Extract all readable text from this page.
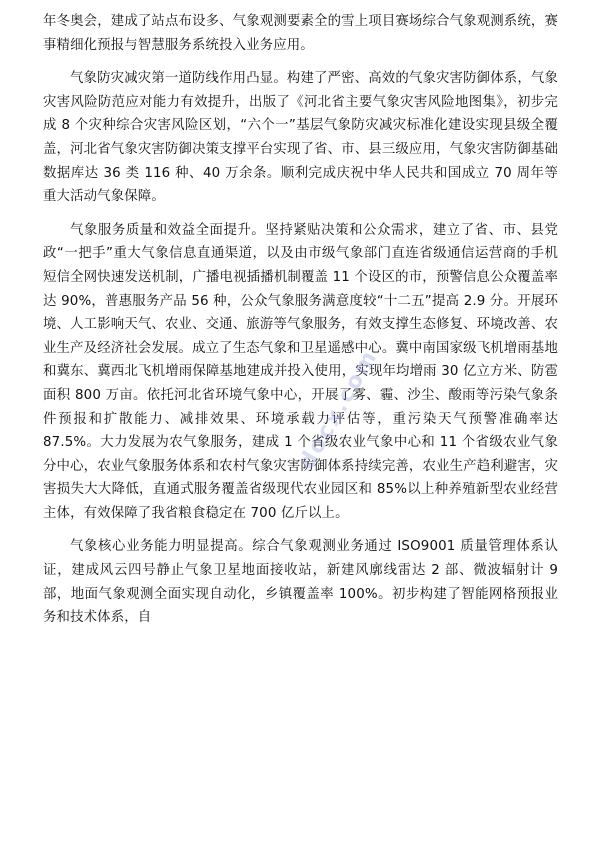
年冬奥会，建成了站点布设多、气象观测要素全的雪上项目赛场综合气象观测系统，赛事精细化预报与智慧服务系统投入业务应用。

气象防灾减灾第一道防线作用凸显。构建了严密、高效的气象灾害防御体系，气象灾害风险防范应对能力有效提升，出版了《河北省主要气象灾害风险地图集》，初步完成 8 个灾种综合灾害风险区划，“六个一”基层气象防灾减灾标准化建设实现县级全覆盖，河北省气象灾害防御决策支撑平台实现了省、市、县三级应用，气象灾害防御基础数据库达 36 类 116 种、40 万余条。顺利完成庆祝中华人民共和国成立 70 周年等重大活动气象保障。

气象服务质量和效益全面提升。坚持紧贴决策和公众需求，建立了省、市、县党政“一把手”重大气象信息直通渠道，以及由市级气象部门直连省级通信运营商的手机短信全网快速发送机制，广播电视插播机制覆盖 11 个设区的市，预警信息公众覆盖率达 90%，普惠服务产品 56 种，公众气象服务满意度较“十二五”提高 2.9 分。开展环境、人工影响天气、农业、交通、旅游等气象服务，有效支撑生态修复、环境改善、农业生产及经济社会发展。成立了生态气象和卫星遥感中心。冀中南国家级飞机增雨基地和冀东、冀西北飞机增雨保障基地建成并投入使用，实现年均增雨 30 亿立方米、防雹面积 800 万亩。依托河北省环境气象中心，开展了雾、霾、沙尘、酸雨等污染气象条件预报和扩散能力、减排效果、环境承载力评估等，重污染天气预警准确率达 87.5%。大力发展为农气象服务，建成 1 个省级农业气象中心和 11 个省级农业气象分中心，农业气象服务体系和农村气象灾害防御体系持续完善，农业生产趋利避害，灾害损失大大降低，直通式服务覆盖省级现代农业园区和 85%以上种养殖新型农业经营主体，有效保障了我省粮食稳定在 700 亿斤以上。

气象核心业务能力明显提高。综合气象观测业务通过 ISO9001 质量管理体系认证，建成风云四号静止气象卫星地面接收站，新建风廓线雷达 2 部、微波辐射计 9 部，地面气象观测全面实现自动化，乡镇覆盖率 100%。初步构建了智能网格预报业务和技术体系，自

docx.com
